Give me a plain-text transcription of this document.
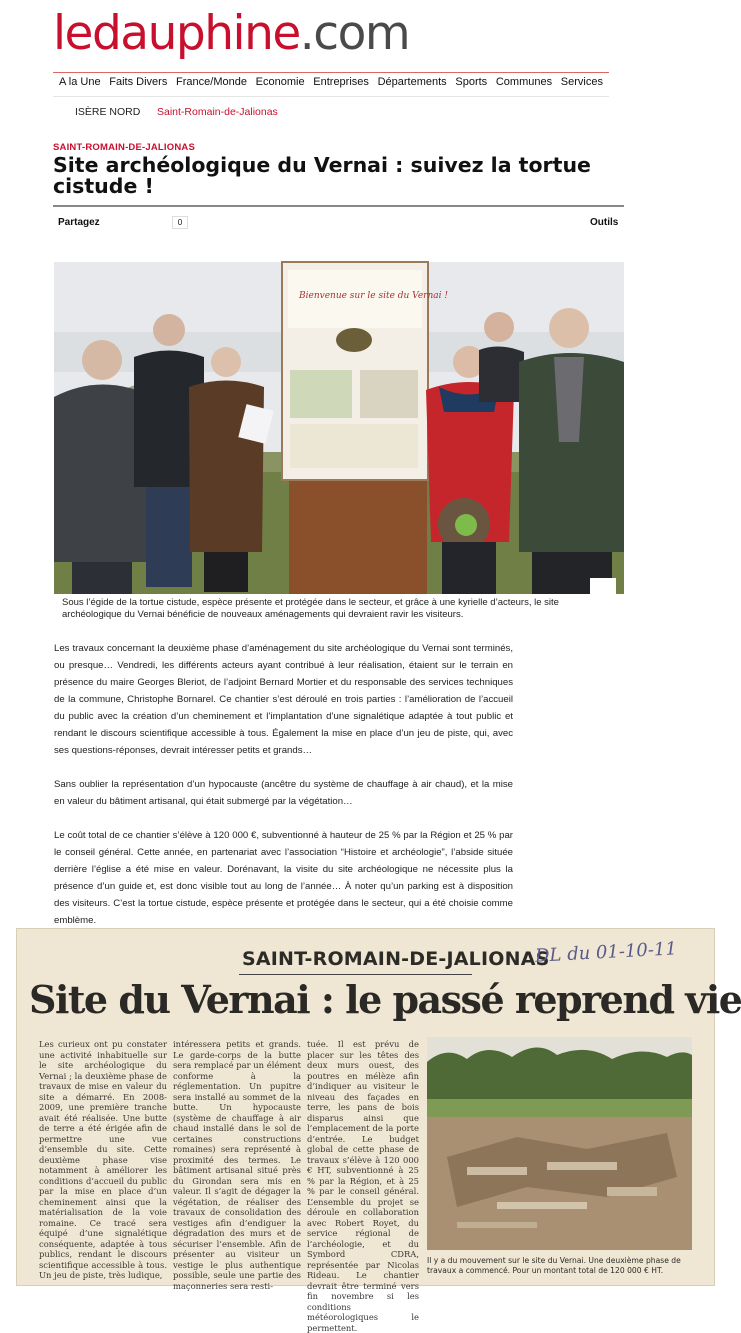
ledauphine.com
A la Une Faits Divers France/Monde Economie Entreprises Départements Sports Communes Services
ISÈRE NORD Saint-Romain-de-Jalionas
SAINT-ROMAIN-DE-JALIONAS
Site archéologique du Vernai : suivez la tortue cistude !
Partagez	0	Outils
Bienvenue sur le site du Vernai !

Sous l’égide de la tortue cistude, espèce présente et protégée dans le secteur, et grâce à une kyrielle d’acteurs, le site archéologique du Vernai bénéficie de nouveaux aménagements qui devraient ravir les visiteurs.

Les travaux concernant la deuxième phase d’aménagement du site archéologique du Vernai sont terminés, ou presque… Vendredi, les différents acteurs ayant contribué à leur réalisation, étaient sur le terrain en présence du maire Georges Bleriot, de l’adjoint Bernard Mortier et du responsable des services techniques de la commune, Christophe Bornarel. Ce chantier s’est déroulé en trois parties : l’amélioration de l’accueil du public avec la création d’un cheminement et l’implantation d’une signalétique adaptée à tout public et rendant le discours scientifique accessible à tous. Également la mise en place d’un jeu de piste, qui, avec ses questions-réponses, devrait intéresser petits et grands…

Sans oublier la représentation d’un hypocauste (ancêtre du système de chauffage à air chaud), et la mise en valeur du bâtiment artisanal, qui était submergé par la végétation…

Le coût total de ce chantier s’élève à 120 000 €, subventionné à hauteur de 25 % par la Région et 25 % par le conseil général. Cette année, en partenariat avec l’association “Histoire et archéologie”, l’abside située derrière l’église a été mise en valeur. Dorénavant, la visite du site archéologique ne nécessite plus la présence d’un guide et, est donc visible tout au long de l’année… À noter qu’un parking est à disposition des visiteurs. C’est la tortue cistude, espèce présente et protégée dans le secteur, qui a été choisie comme emblème.

SAINT-ROMAIN-DE-JALIONAS
DL du 01-10-11
Site du Vernai : le passé reprend vie
Les curieux ont pu constater une activité inhabituelle sur le site archéologique du Vernai ; la deuxième phase de travaux de mise en valeur du site a démarré. En 2008-2009, une première tranche avait été réalisée. Une butte de terre a été érigée afin de permettre une vue d’ensemble du site. Cette deuxième phase vise notamment à améliorer les conditions d’accueil du public par la mise en place d’un cheminement ainsi que la matérialisation de la voie romaine. Ce tracé sera équipé d’une signalétique conséquente, adaptée à tous publics, rendant le discours scientifique accessible à tous. Un jeu de piste, très ludique,
intéressera petits et grands. Le garde-corps de la butte sera remplacé par un élément conforme à la réglementation. Un pupitre sera installé au sommet de la butte. Un hypocauste (système de chauffage à air chaud installé dans le sol de certaines constructions romaines) sera représenté à proximité des termes. Le bâtiment artisanal situé près du Girondan sera mis en valeur. Il s’agit de dégager la végétation, de réaliser des travaux de consolidation des vestiges afin d’endiguer la dégradation des murs et de sécuriser l’ensemble. Afin de présenter au visiteur un vestige le plus authentique possible, seule une partie des maçonneries sera resti-
tuée. Il est prévu de placer sur les têtes des deux murs ouest, des poutres en mélèze afin d’indiquer au visiteur le niveau des façades en terre, les pans de bois disparus ainsi que l’emplacement de la porte d’entrée. Le budget global de cette phase de travaux s’élève à 120 000 € HT, subventionné à 25 % par la Région, et à 25 % par le conseil général. L’ensemble du projet se déroule en collaboration avec Robert Royet, du service régional de l’archéologie, et du Symbord CDRA, représentée par Nicolas Rideau. Le chantier devrait être terminé vers fin novembre si les conditions météorologiques le permettent.
Il y a du mouvement sur le site du Vernai. Une deuxième phase de travaux a commencé. Pour un montant total de 120 000 € HT.
